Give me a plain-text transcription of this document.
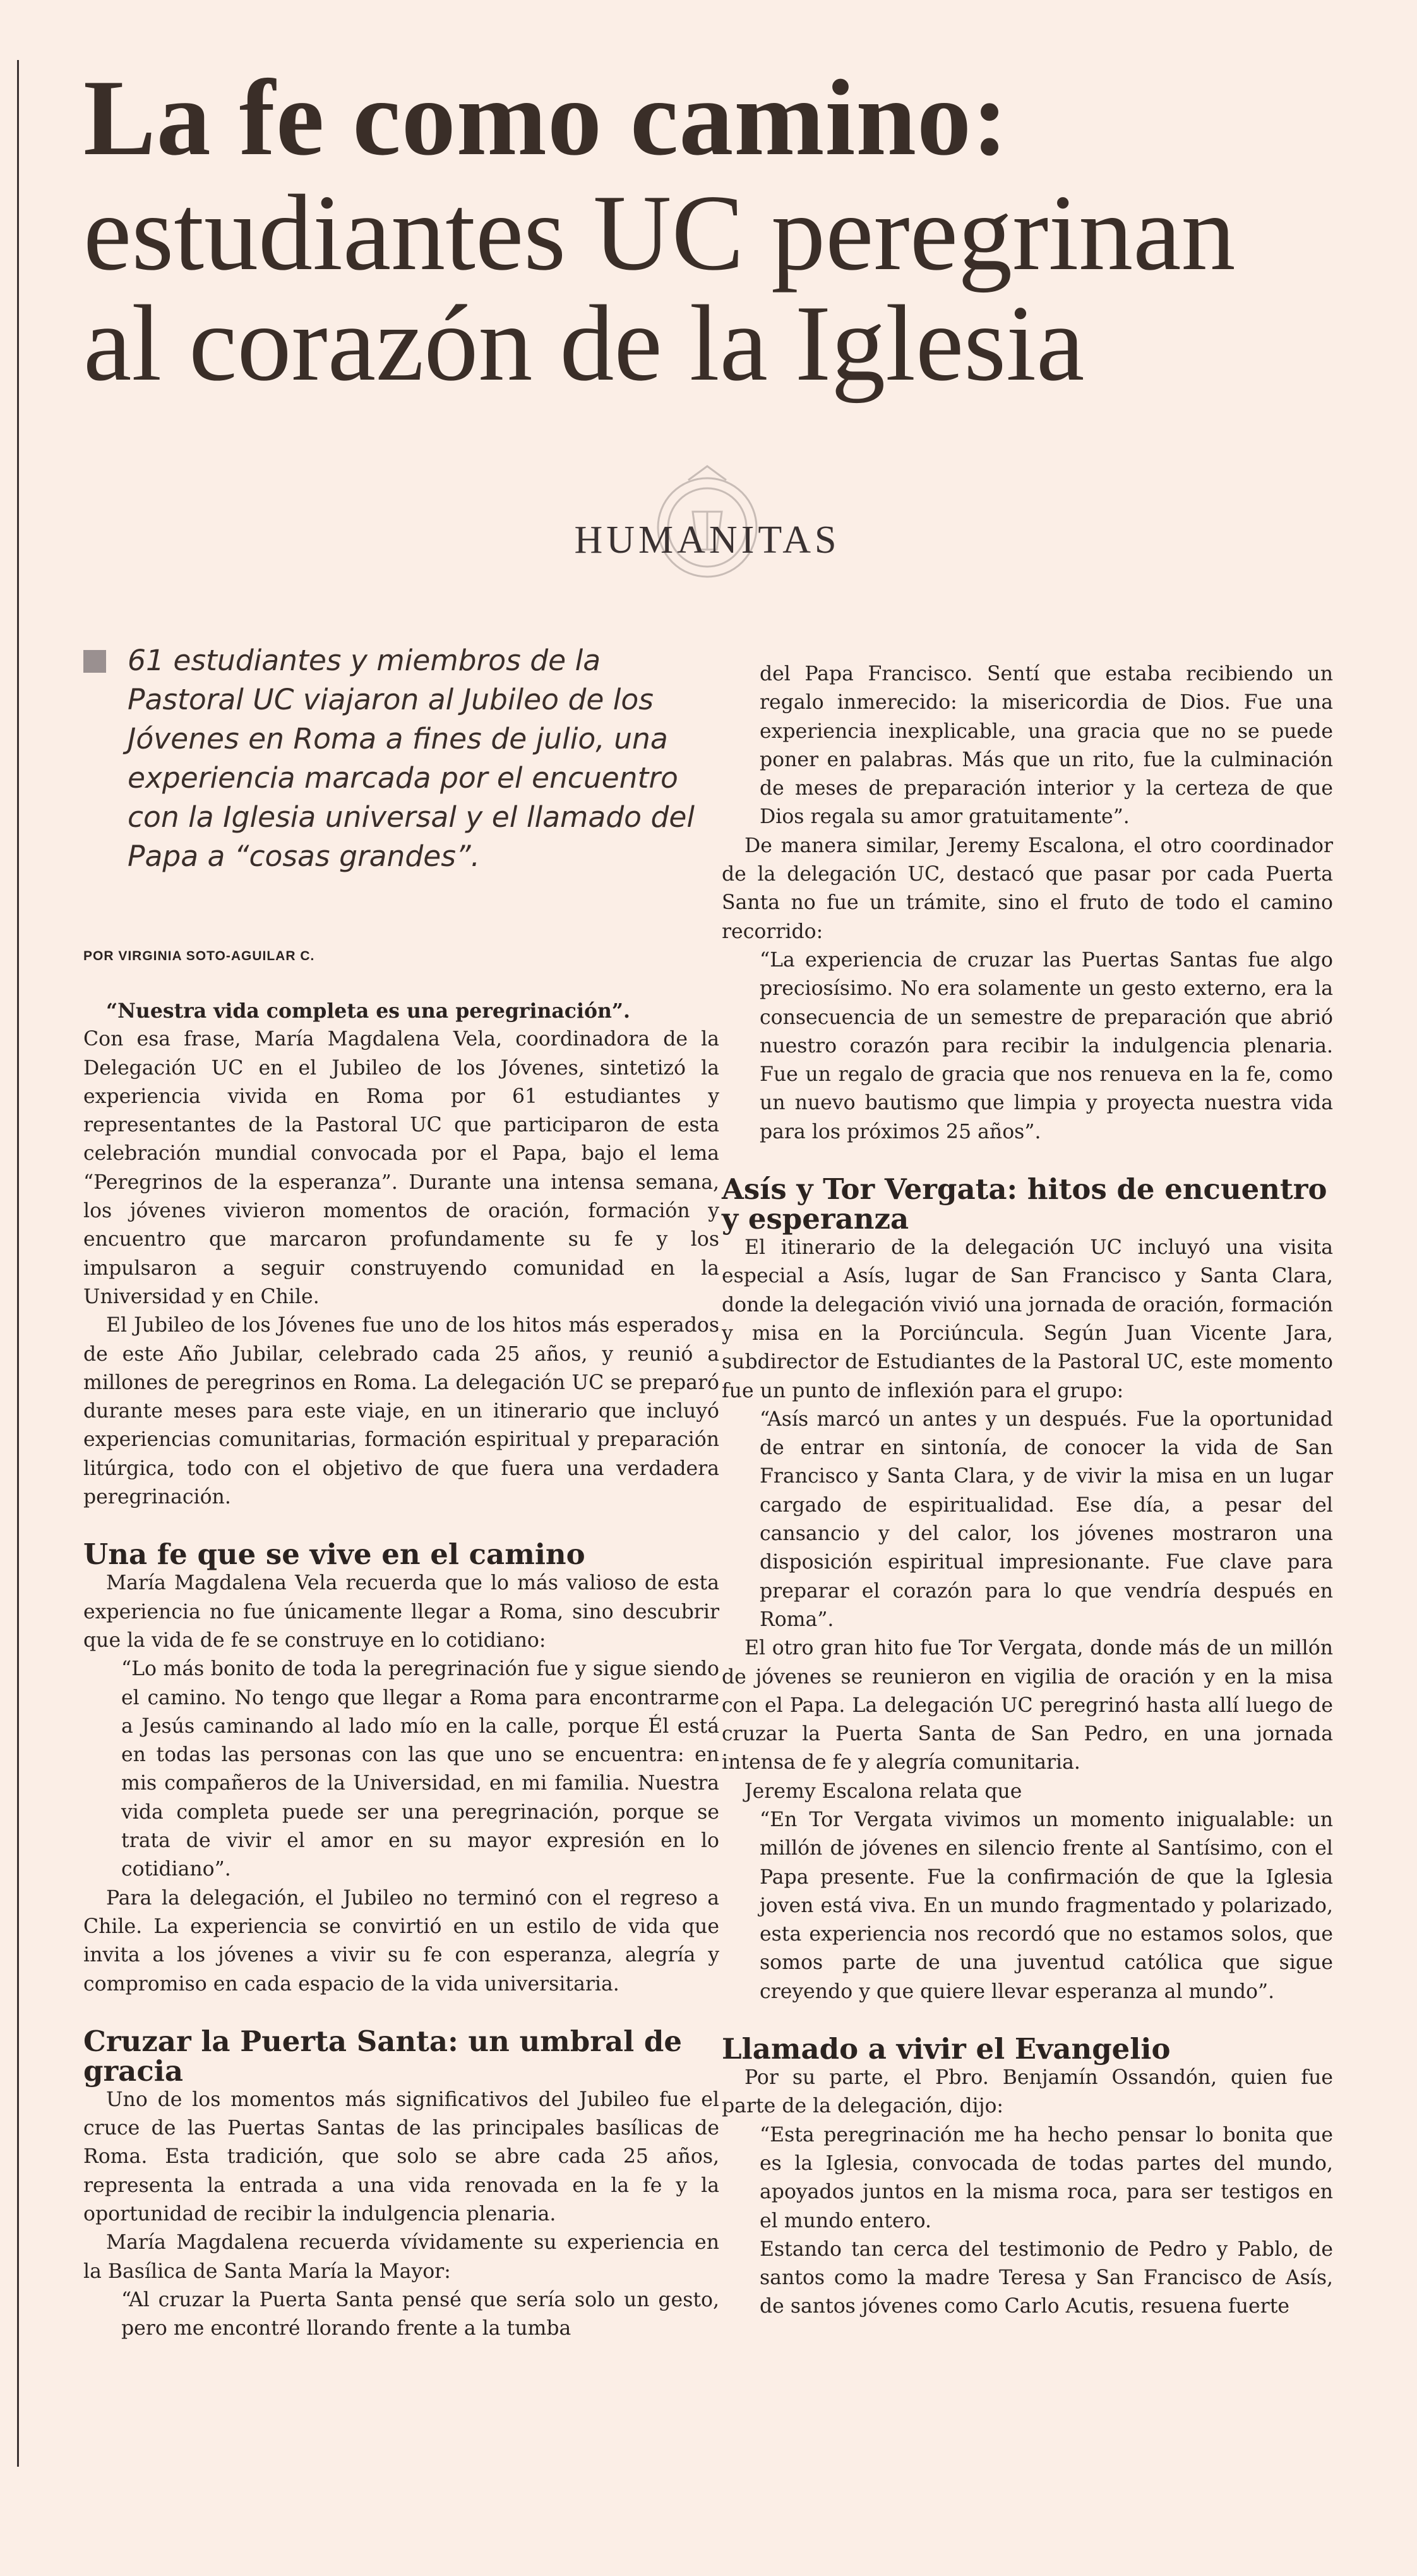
La fe como camino:
estudiantes UC peregrinan
al corazón de la Iglesia
HUMANITAS
61 estudiantes y miembros de la Pastoral UC viajaron al Jubileo de los Jóvenes en Roma a fines de julio, una experiencia marcada por el encuentro con la Iglesia universal y el llamado del Papa a “cosas grandes”.
POR VIRGINIA SOTO-AGUILAR C.

“Nuestra vida completa es una peregrinación”.

Con esa frase, María Magdalena Vela, coordinadora de la Delegación UC en el Jubileo de los Jóvenes, sintetizó la experiencia vivida en Roma por 61 estudiantes y representantes de la Pastoral UC que participaron de esta celebración mundial convocada por el Papa, bajo el lema “Peregrinos de la esperanza”. Durante una intensa semana, los jóvenes vivieron momentos de oración, formación y encuentro que marcaron profundamente su fe y los impulsaron a seguir construyendo comunidad en la Universidad y en Chile.

El Jubileo de los Jóvenes fue uno de los hitos más esperados de este Año Jubilar, celebrado cada 25 años, y reunió a millones de peregrinos en Roma. La delegación UC se preparó durante meses para este viaje, en un itinerario que incluyó experiencias comunitarias, formación espiritual y preparación litúrgica, todo con el objetivo de que fuera una verdadera peregrinación.

Una fe que se vive en el camino

María Magdalena Vela recuerda que lo más valioso de esta experiencia no fue únicamente llegar a Roma, sino descubrir que la vida de fe se construye en lo cotidiano:

“Lo más bonito de toda la peregrinación fue y sigue siendo el camino. No tengo que llegar a Roma para encontrarme a Jesús caminando al lado mío en la calle, porque Él está en todas las personas con las que uno se encuentra: en mis compañeros de la Universidad, en mi familia. Nuestra vida completa puede ser una peregrinación, porque se trata de vivir el amor en su mayor expresión en lo cotidiano”.

Para la delegación, el Jubileo no terminó con el regreso a Chile. La experiencia se convirtió en un estilo de vida que invita a los jóvenes a vivir su fe con esperanza, alegría y compromiso en cada espacio de la vida universitaria.

Cruzar la Puerta Santa: un umbral de gracia

Uno de los momentos más significativos del Jubileo fue el cruce de las Puertas Santas de las principales basílicas de Roma. Esta tradición, que solo se abre cada 25 años, representa la entrada a una vida renovada en la fe y la oportunidad de recibir la indulgencia plenaria.

María Magdalena recuerda vívidamente su experiencia en la Basílica de Santa María la Mayor:

“Al cruzar la Puerta Santa pensé que sería solo un gesto, pero me encontré llorando frente a la tumba

del Papa Francisco. Sentí que estaba recibiendo un regalo inmerecido: la misericordia de Dios. Fue una experiencia inexplicable, una gracia que no se puede poner en palabras. Más que un rito, fue la culminación de meses de preparación interior y la certeza de que Dios regala su amor gratuitamente”.

De manera similar, Jeremy Escalona, el otro coordinador de la delegación UC, destacó que pasar por cada Puerta Santa no fue un trámite, sino el fruto de todo el camino recorrido:

“La experiencia de cruzar las Puertas Santas fue algo preciosísimo. No era solamente un gesto externo, era la consecuencia de un semestre de preparación que abrió nuestro corazón para recibir la indulgencia plenaria. Fue un regalo de gracia que nos renueva en la fe, como un nuevo bautismo que limpia y proyecta nuestra vida para los próximos 25 años”.

Asís y Tor Vergata: hitos de encuentro y esperanza

El itinerario de la delegación UC incluyó una visita especial a Asís, lugar de San Francisco y Santa Clara, donde la delegación vivió una jornada de oración, formación y misa en la Porciúncula. Según Juan Vicente Jara, subdirector de Estudiantes de la Pastoral UC, este momento fue un punto de inflexión para el grupo:

“Asís marcó un antes y un después. Fue la oportunidad de entrar en sintonía, de conocer la vida de San Francisco y Santa Clara, y de vivir la misa en un lugar cargado de espiritualidad. Ese día, a pesar del cansancio y del calor, los jóvenes mostraron una disposición espiritual impresionante. Fue clave para preparar el corazón para lo que vendría después en Roma”.

El otro gran hito fue Tor Vergata, donde más de un millón de jóvenes se reunieron en vigilia de oración y en la misa con el Papa. La delegación UC peregrinó hasta allí luego de cruzar la Puerta Santa de San Pedro, en una jornada intensa de fe y alegría comunitaria.

Jeremy Escalona relata que

“En Tor Vergata vivimos un momento inigualable: un millón de jóvenes en silencio frente al Santísimo, con el Papa presente. Fue la confirmación de que la Iglesia joven está viva. En un mundo fragmentado y polarizado, esta experiencia nos recordó que no estamos solos, que somos parte de una juventud católica que sigue creyendo y que quiere llevar esperanza al mundo”.

Llamado a vivir el Evangelio

Por su parte, el Pbro. Benjamín Ossandón, quien fue parte de la delegación, dijo:

“Esta peregrinación me ha hecho pensar lo bonita que es la Iglesia, convocada de todas partes del mundo, apoyados juntos en la misma roca, para ser testigos en el mundo entero.

Estando tan cerca del testimonio de Pedro y Pablo, de santos como la madre Teresa y San Francisco de Asís, de santos jóvenes como Carlo Acutis, resuena fuerte
